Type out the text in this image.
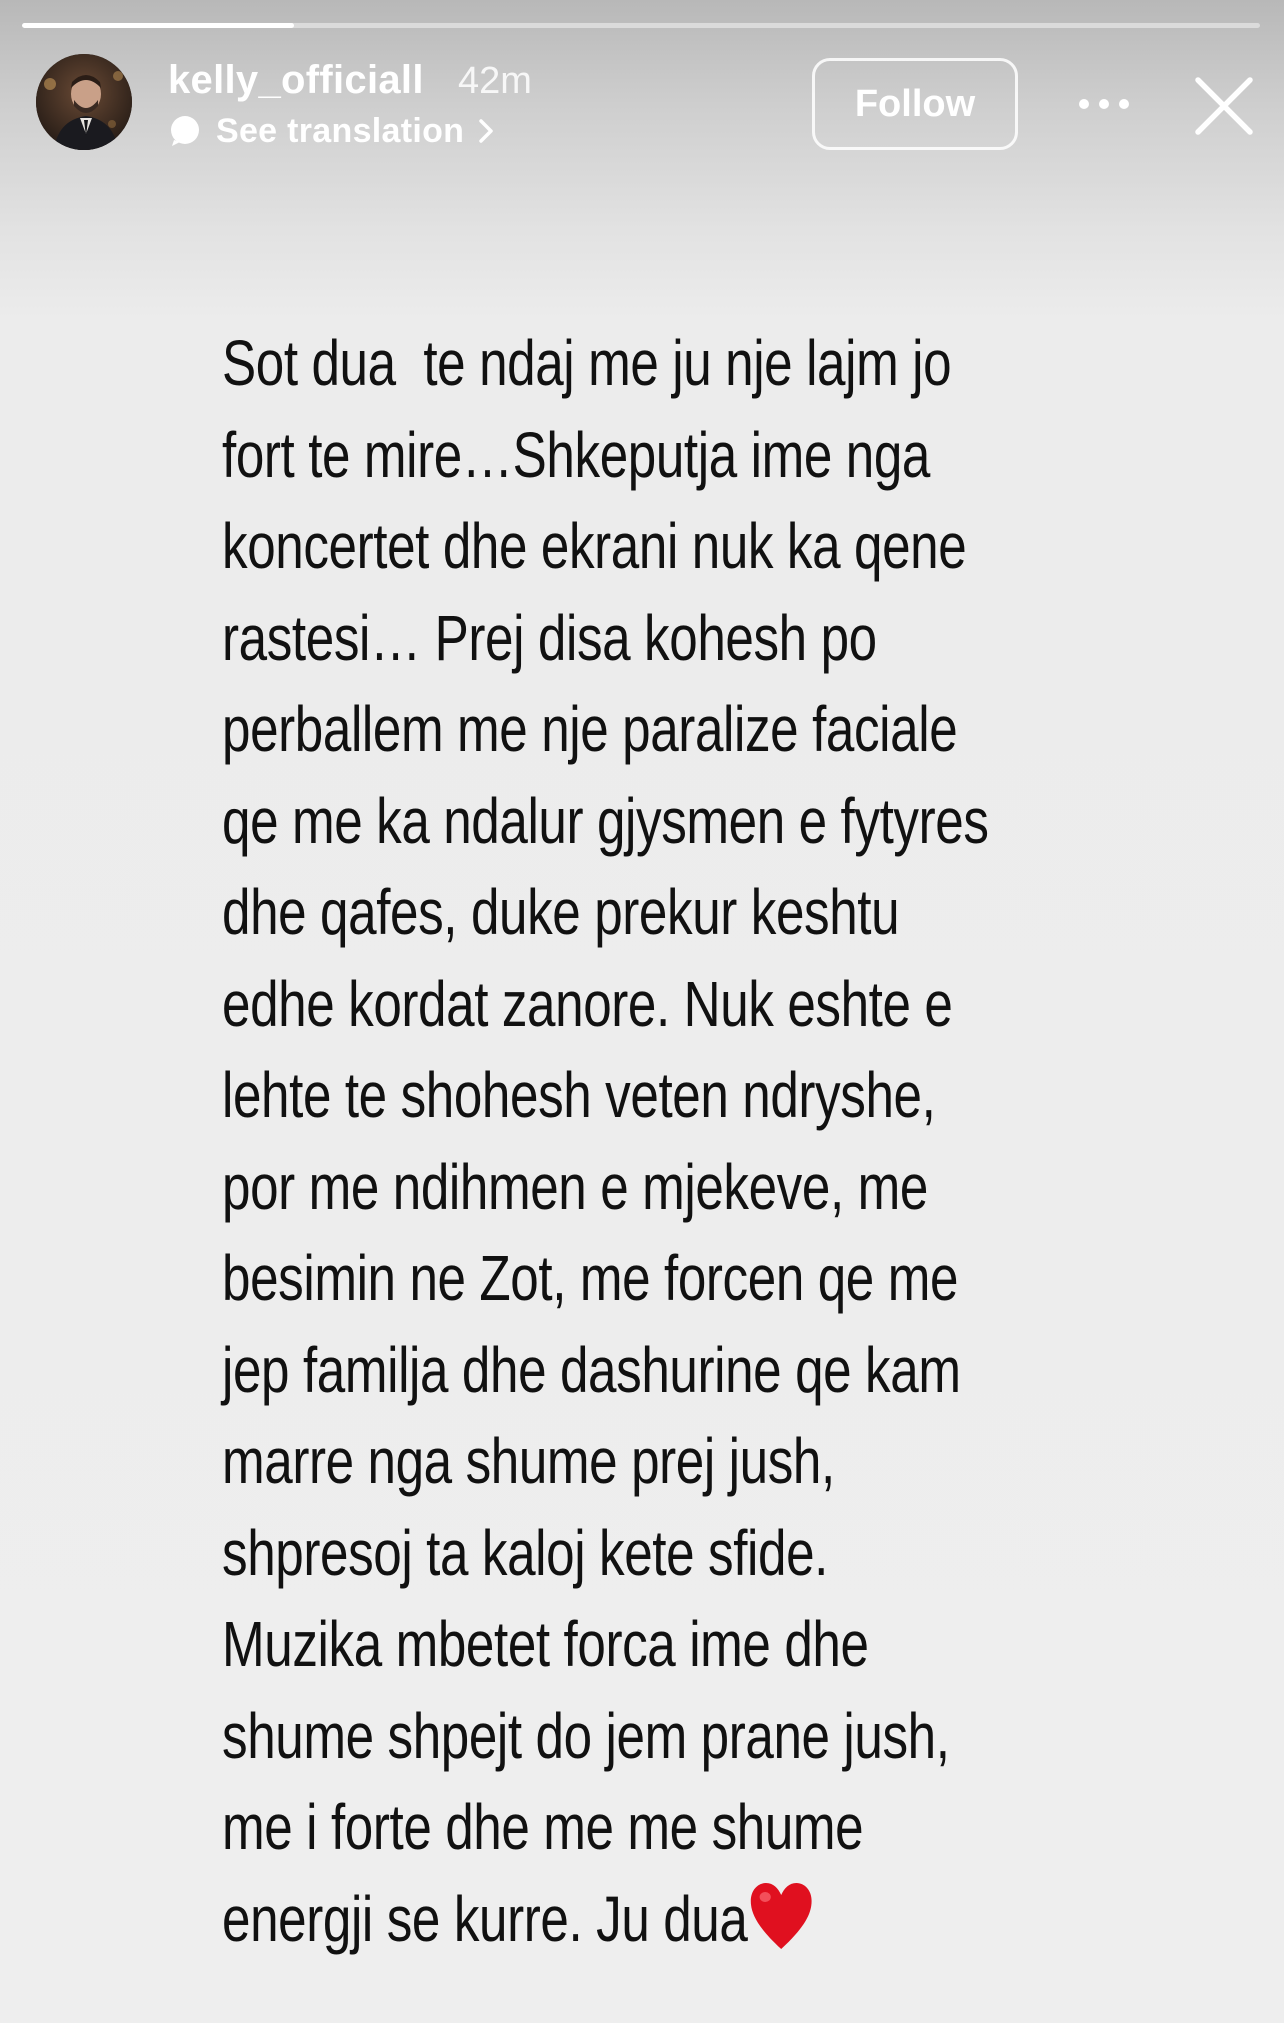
kelly_officiall 42m
See translation
Follow
Sot dua  te ndaj me ju nje lajm jo
fort te mire…Shkeputja ime nga
koncertet dhe ekrani nuk ka qene
rastesi… Prej disa kohesh po
perballem me nje paralize faciale
qe me ka ndalur gjysmen e fytyres
dhe qafes, duke prekur keshtu
edhe kordat zanore. Nuk eshte e
lehte te shohesh veten ndryshe,
por me ndihmen e mjekeve, me
besimin ne Zot, me forcen qe me
jep familja dhe dashurine qe kam
marre nga shume prej jush,
shpresoj ta kaloj kete sfide.
Muzika mbetet forca ime dhe
shume shpejt do jem prane jush,
me i forte dhe me me shume
energji se kurre. Ju dua
